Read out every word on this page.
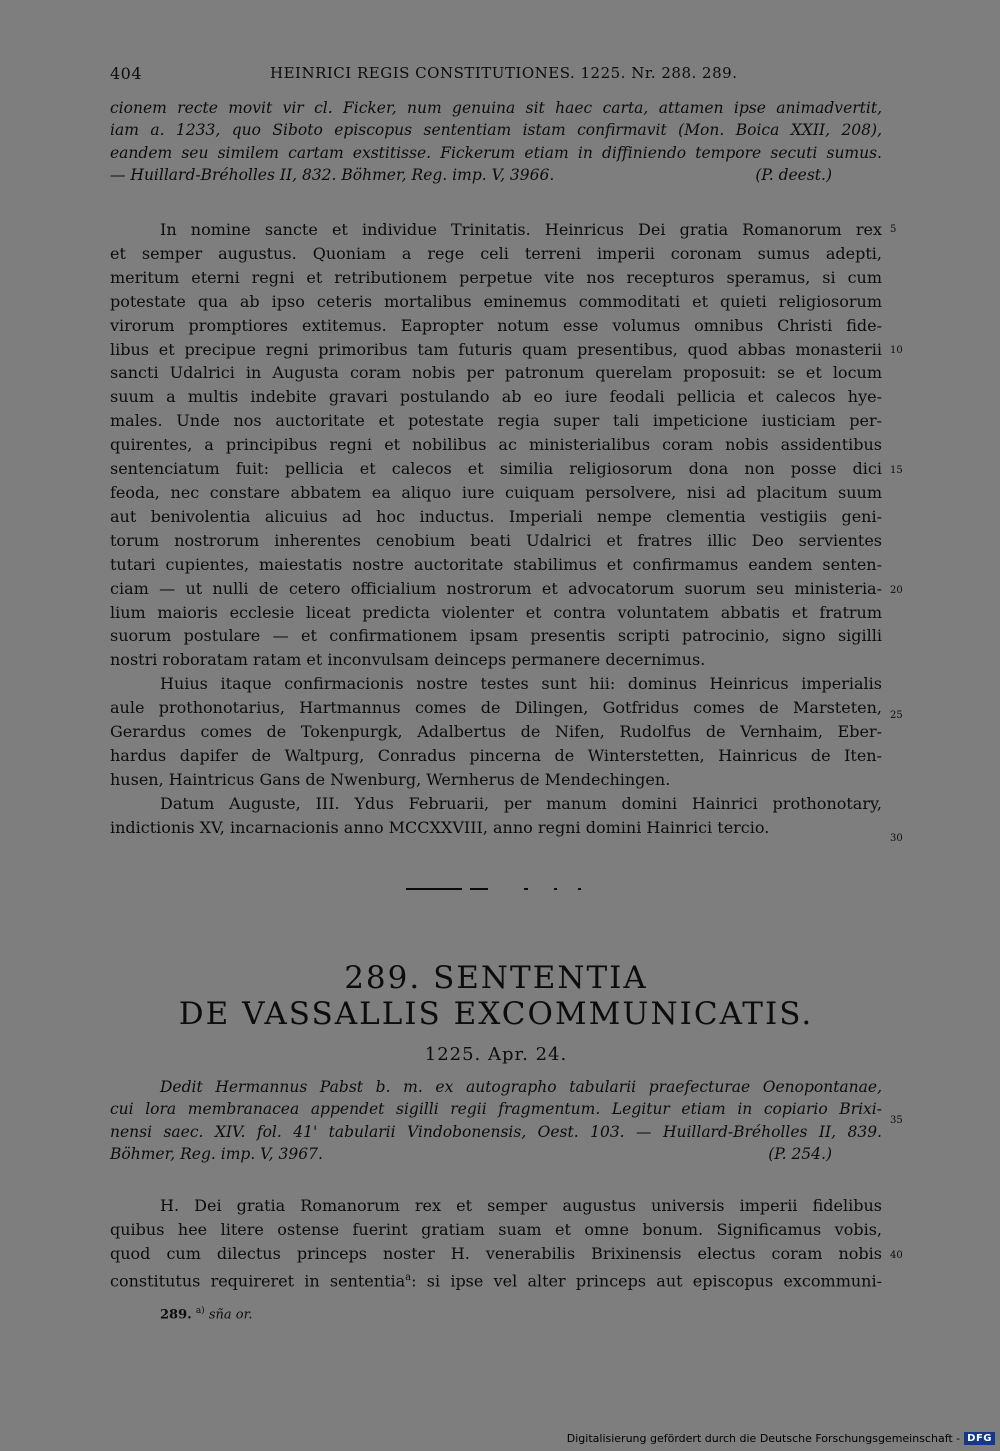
404	HEINRICI REGIS CONSTITUTIONES. 1225. Nr. 288. 289.
cionem recte movit vir cl. Ficker, num genuina sit haec carta, attamen ipse animadvertit,
iam a. 1233, quo Siboto episcopus sententiam istam confirmavit (Mon. Boica XXII, 208),
eandem seu similem cartam exstitisse. Fickerum etiam in diffiniendo tempore secuti sumus.
— Huillard-Bréholles II, 832. Böhmer, Reg. imp. V, 3966.	(P. deest.)
In nomine sancte et individue Trinitatis. Heinricus Dei gratia Romanorum rex
et semper augustus. Quoniam a rege celi terreni imperii coronam sumus adepti,
meritum eterni regni et retributionem perpetue vite nos recepturos speramus, si cum
potestate qua ab ipso ceteris mortalibus eminemus commoditati et quieti religiosorum
virorum promptiores extitemus. Eapropter notum esse volumus omnibus Christi fide-
libus et precipue regni primoribus tam futuris quam presentibus, quod abbas monasterii
sancti Udalrici in Augusta coram nobis per patronum querelam proposuit: se et locum
suum a multis indebite gravari postulando ab eo iure feodali pellicia et calecos hye-
males. Unde nos auctoritate et potestate regia super tali impeticione iusticiam per-
quirentes, a principibus regni et nobilibus ac ministerialibus coram nobis assidentibus
sentenciatum fuit: pellicia et calecos et similia religiosorum dona non posse dici
feoda, nec constare abbatem ea aliquo iure cuiquam persolvere, nisi ad placitum suum
aut benivolentia alicuius ad hoc inductus. Imperiali nempe clementia vestigiis geni-
torum nostrorum inherentes cenobium beati Udalrici et fratres illic Deo servientes
tutari cupientes, maiestatis nostre auctoritate stabilimus et confirmamus eandem senten-
ciam — ut nulli de cetero officialium nostrorum et advocatorum suorum seu ministeria-
lium maioris ecclesie liceat predicta violenter et contra voluntatem abbatis et fratrum
suorum postulare — et confirmationem ipsam presentis scripti patrocinio, signo sigilli
nostri roboratam ratam et inconvulsam deinceps permanere decernimus.
Huius itaque confirmacionis nostre testes sunt hii: dominus Heinricus imperialis
aule prothonotarius, Hartmannus comes de Dilingen, Gotfridus comes de Marsteten,
Gerardus comes de Tokenpurgk, Adalbertus de Nifen, Rudolfus de Vernhaim, Eber-
hardus dapifer de Waltpurg, Conradus pincerna de Winterstetten, Hainricus de Iten-
husen, Haintricus Gans de Nwenburg, Wernherus de Mendechingen.
Datum Auguste, III. Ydus Februarii, per manum domini Hainrici prothonotary,
indictionis XV, incarnacionis anno MCCXXVIII, anno regni domini Hainrici tercio.
5
10
15
20
25
30
289. SENTENTIA
DE VASSALLIS EXCOMMUNICATIS.
1225. Apr. 24.
Dedit Hermannus Pabst b. m. ex autographo tabularii praefecturae Oenopontanae,
cui lora membranacea appendet sigilli regii fragmentum. Legitur etiam in copiario Brixi-
nensi saec. XIV. fol. 41' tabularii Vindobonensis, Oest. 103. — Huillard-Bréholles II, 839.
Böhmer, Reg. imp. V, 3967.	(P. 254.)
35
H. Dei gratia Romanorum rex et semper augustus universis imperii fidelibus
quibus hee litere ostense fuerint gratiam suam et omne bonum. Significamus vobis,
quod cum dilectus princeps noster H. venerabilis Brixinensis electus coram nobis
constitutus requireret in sententia$^a$: si ipse vel alter princeps aut episcopus excommuni-
40
289. $^{a)}$ sña or.
Digitalisierung gefördert durch die Deutsche Forschungsgemeinschaft - DFG
